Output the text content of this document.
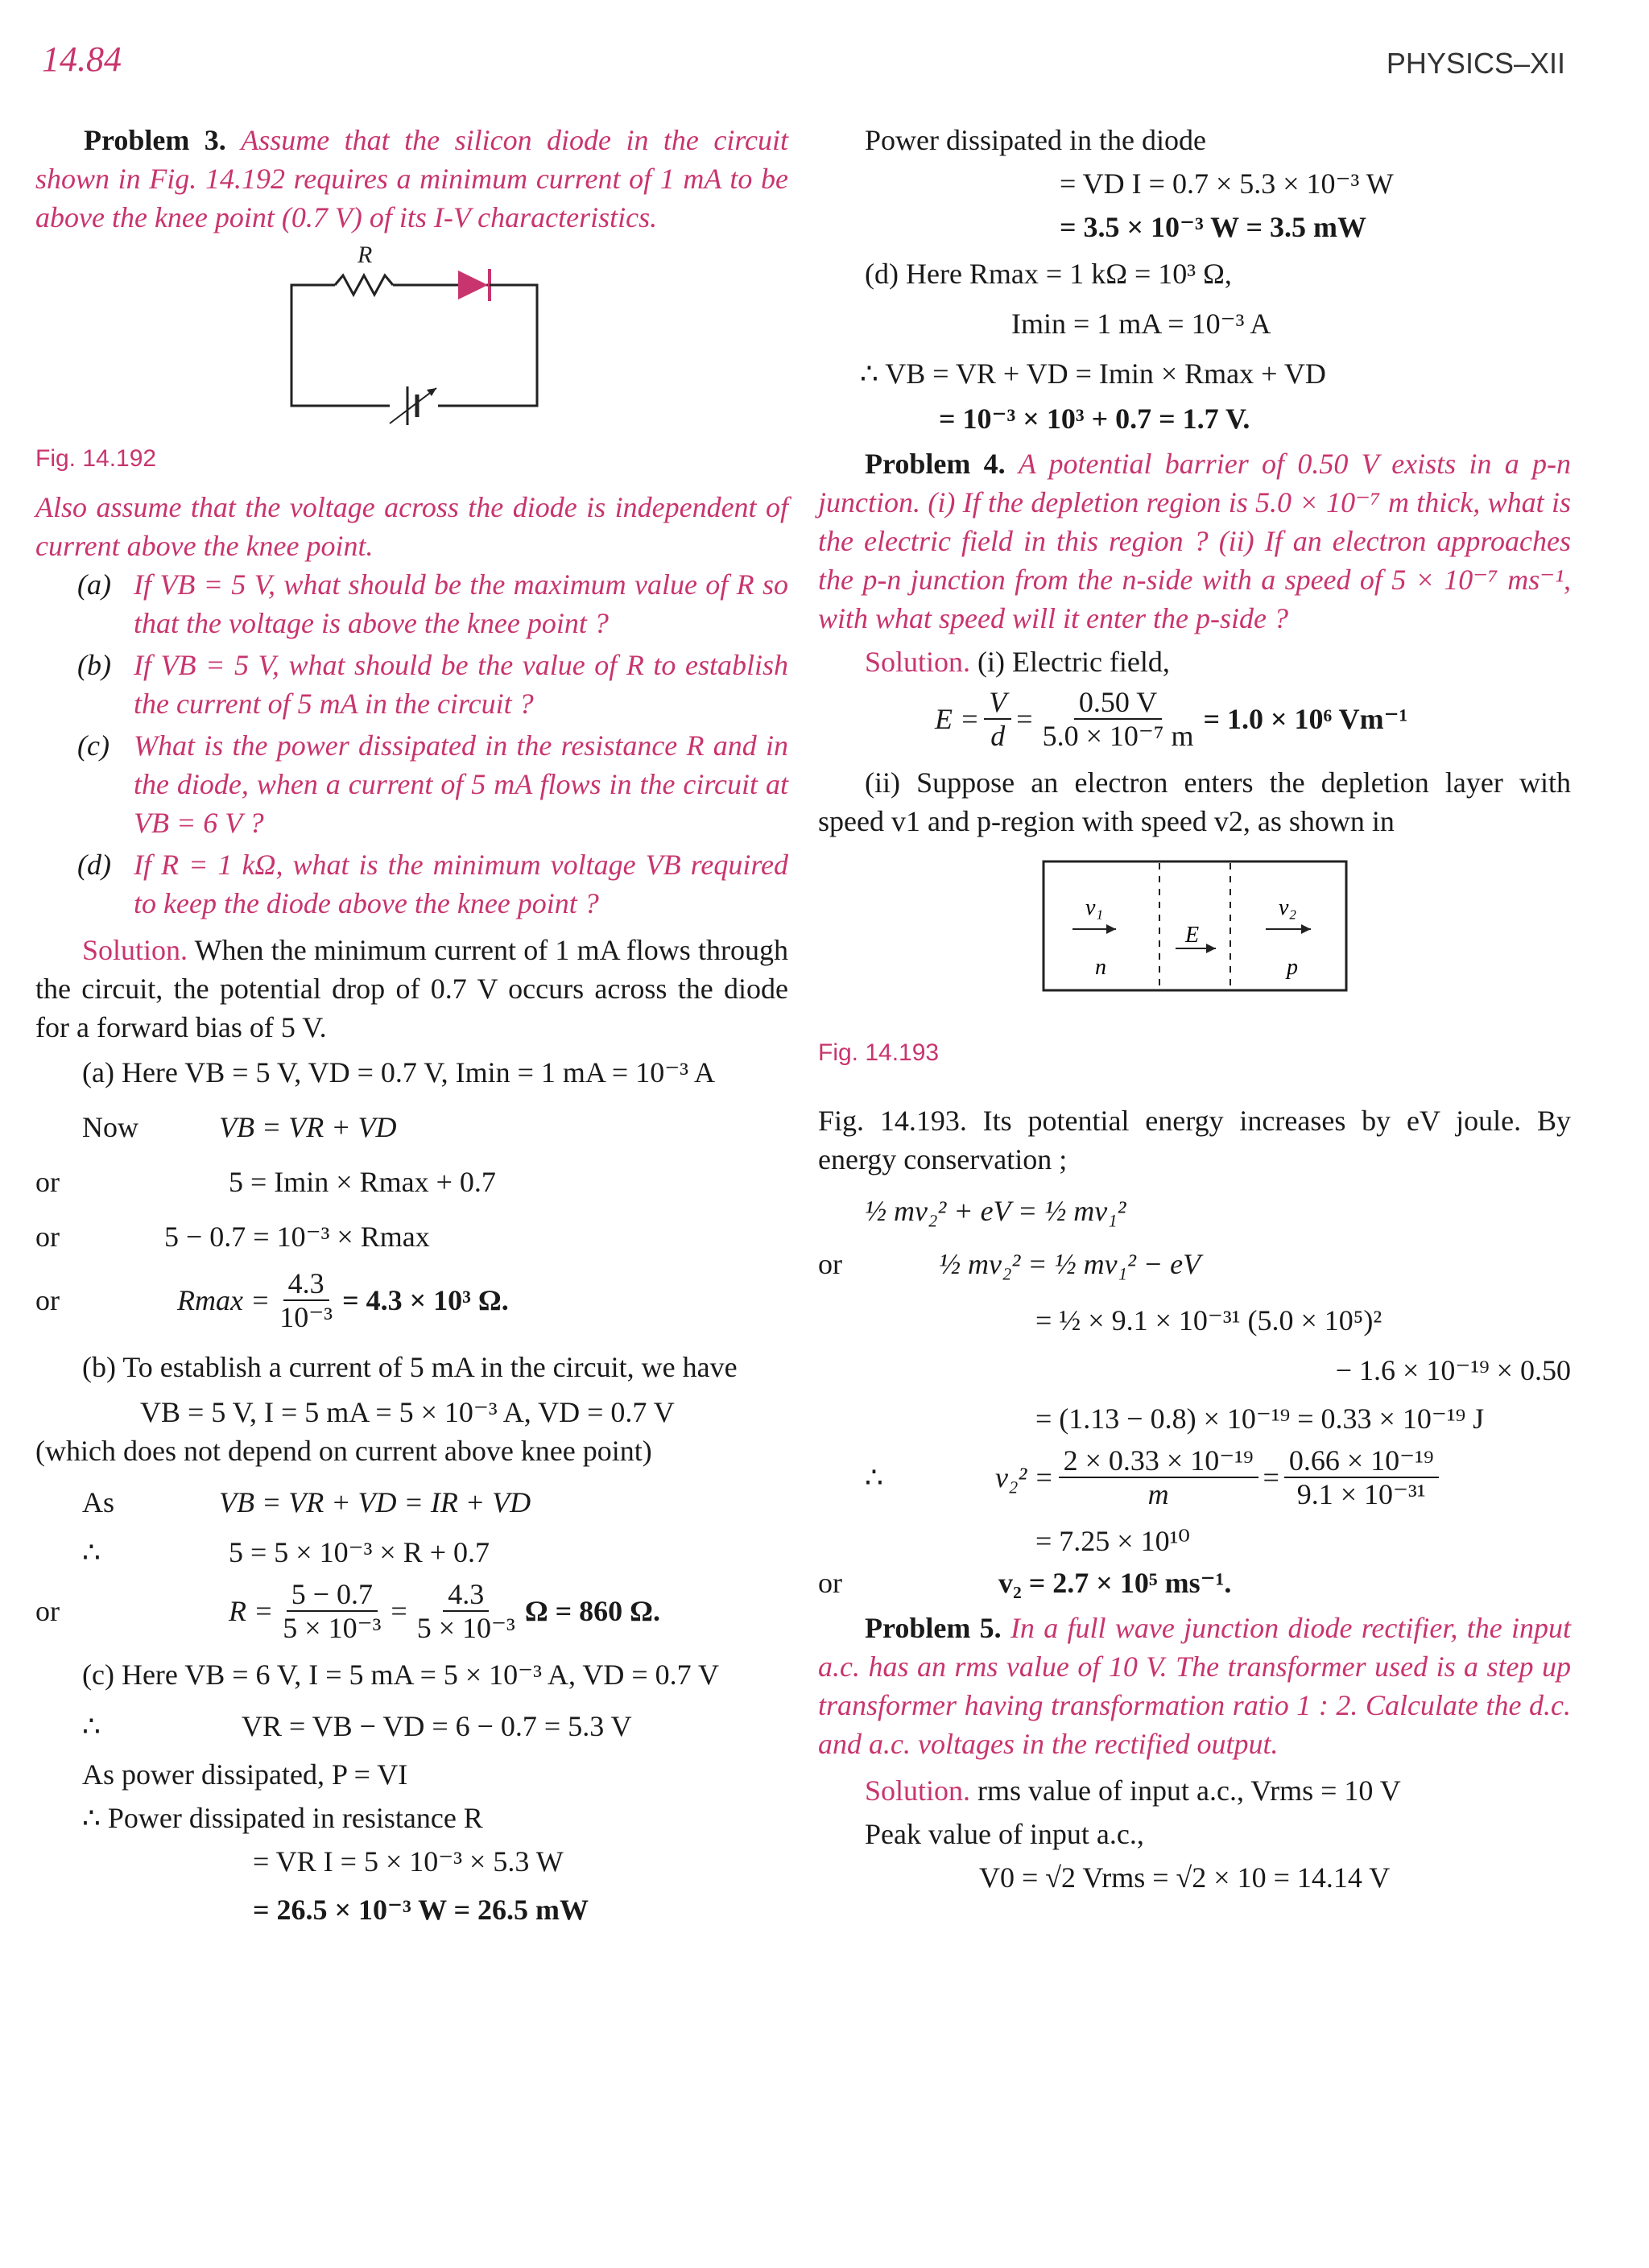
14.84	PHYSICS–XII

Problem 3. Assume that the silicon diode in the circuit shown in Fig. 14.192 requires a minimum current of 1 mA to be above the knee point (0.7 V) of its I-V characteristics.

R

Fig. 14.192

Also assume that the voltage across the diode is independent of current above the knee point.

(a) If VB = 5 V, what should be the maximum value of R so that the voltage is above the knee point ?
(b) If VB = 5 V, what should be the value of R to establish the current of 5 mA in the circuit ?
(c) What is the power dissipated in the resistance R and in the diode, when a current of 5 mA flows in the circuit at VB = 6 V ?
(d) If R = 1 kΩ, what is the minimum voltage VB required to keep the diode above the knee point ?

Solution. When the minimum current of 1 mA flows through the circuit, the potential drop of 0.7 V occurs across the diode for a forward bias of 5 V.

(a) Here VB = 5 V, VD = 0.7 V, Imin = 1 mA = 10⁻³ A

Now	VB = VR + VD
or	5 = Imin × Rmax + 0.7
or	5 − 0.7 = 10⁻³ × Rmax
or	$Rmax = \frac{4.3}{\text{10⁻³}} = 4.3 \times 10^3$ Ω.

(b) To establish a current of 5 mA in the circuit, we have

VB = 5 V, I = 5 mA = 5 × 10⁻³ A, VD = 0.7 V

(which does not depend on current above knee point)

As	VB = VR + VD = IR + VD
∴	5 = 5 × 10⁻³ × R + 0.7
or	$R = \frac{5 - 0.7}{\text{5 × 10⁻³}} = \frac{4.3}{\text{5 × 10⁻³}}$ Ω = 860 Ω.

(c) Here VB = 6 V, I = 5 mA = 5 × 10⁻³ A, VD = 0.7 V

∴	VR = VB − VD = 6 − 0.7 = 5.3 V

As power dissipated, P = VI

∴ Power dissipated in resistance R

= VR I = 5 × 10⁻³ × 5.3 W

= 26.5 × 10⁻³ W = 26.5 mW

Power dissipated in the diode

= VD I = 0.7 × 5.3 × 10⁻³ W

= 3.5 × 10⁻³ W = 3.5 mW

(d) Here Rmax = 1 kΩ = 10³ Ω,

Imin = 1 mA = 10⁻³ A

∴ VB = VR + VD = Imin × Rmax + VD

= 10⁻³ × 10³ + 0.7 = 1.7 V.

Problem 4. A potential barrier of 0.50 V exists in a p-n junction. (i) If the depletion region is 5.0 × 10⁻⁷ m thick, what is the electric field in this region ? (ii) If an electron approaches the p-n junction from the n-side with a speed of 5 × 10⁻⁷ ms⁻¹, with what speed will it enter the p-side ?

Solution. (i) Electric field,

$E = \frac{V}{d} = \frac{0.50 V}{\text{5.0 × 10⁻⁷ m}} = 1.0 \times 10^6$ Vm⁻¹

(ii) Suppose an electron enters the depletion layer with speed v1 and p-region with speed v2, as shown in

v₁
E
v₂
n	p

Fig. 14.193

Fig. 14.193. Its potential energy increases by eV joule. By energy conservation ;

½ mv₂² + eV = ½ mv₁²

or	½ mv₂² = ½ mv₁² − eV

= ½ × 9.1 × 10⁻³¹ (5.0 × 10⁵)²

− 1.6 × 10⁻¹⁹ × 0.50

= (1.13 − 0.8) × 10⁻¹⁹ = 0.33 × 10⁻¹⁹ J

∴	$v_2^2 = \frac{\text{2 × 0.33 × 10⁻¹⁹}}{m} = \frac{\text{0.66 × 10⁻¹⁹}}{\text{9.1 × 10⁻³¹}}$

= 7.25 × 10¹⁰

or	v₂ = 2.7 × 10⁵ ms⁻¹.

Problem 5. In a full wave junction diode rectifier, the input a.c. has an rms value of 10 V. The transformer used is a step up transformer having transformation ratio 1 : 2. Calculate the d.c. and a.c. voltages in the rectified output.

Solution. rms value of input a.c., Vrms = 10 V

Peak value of input a.c.,

V0 = √2 Vrms = √2 × 10 = 14.14 V
